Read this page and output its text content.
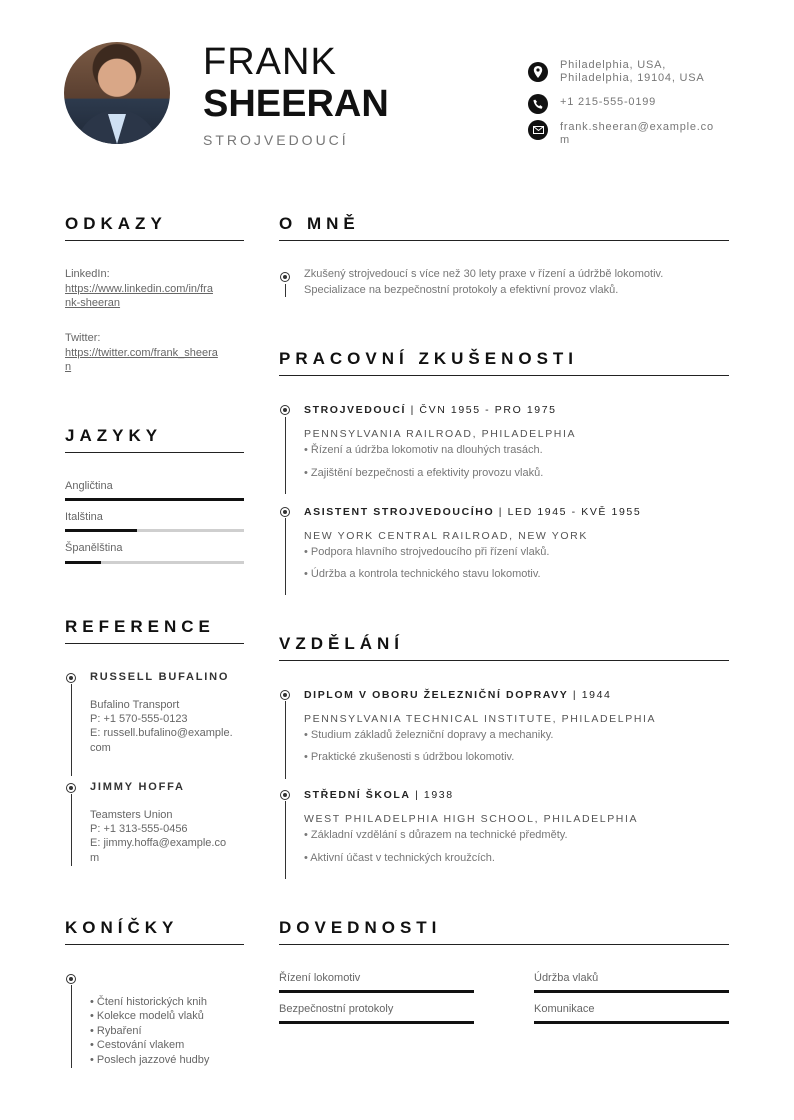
FRANK
SHEERAN
STROJVEDOUCÍ
Philadelphia, USA,
Philadelphia, 19104, USA
+1 215-555-0199
frank.sheeran@example.co
m
ODKAZY
LinkedIn:
https://www.linkedin.com/in/fra
nk-sheeran
Twitter:
https://twitter.com/frank_sheera
n
JAZYKY
Angličtina
Italština
Španělština
REFERENCE
RUSSELL BUFALINO
Bufalino Transport
P: +1 570-555-0123
E: russell.bufalino@example.
com
JIMMY HOFFA
Teamsters Union
P: +1 313-555-0456
E: jimmy.hoffa@example.co
m
KONÍČKY
• Čtení historických knih
• Kolekce modelů vlaků
• Rybaření
• Cestování vlakem
• Poslech jazzové hudby
O MNĚ
Zkušený strojvedoucí s více než 30 lety praxe v řízení a údržbě lokomotiv.
Specializace na bezpečnostní protokoly a efektivní provoz vlaků.
PRACOVNÍ ZKUŠENOSTI
STROJVEDOUCÍ | ČVN 1955 - PRO 1975
PENNSYLVANIA RAILROAD, PHILADELPHIA
• Řízení a údržba lokomotiv na dlouhých trasách.
• Zajištění bezpečnosti a efektivity provozu vlaků.
ASISTENT STROJVEDOUCÍHO | LED 1945 - KVĚ 1955
NEW YORK CENTRAL RAILROAD, NEW YORK
• Podpora hlavního strojvedoucího při řízení vlaků.
• Údržba a kontrola technického stavu lokomotiv.
VZDĚLÁNÍ
DIPLOM V OBORU ŽELEZNIČNÍ DOPRAVY | 1944
PENNSYLVANIA TECHNICAL INSTITUTE, PHILADELPHIA
• Studium základů železniční dopravy a mechaniky.
• Praktické zkušenosti s údržbou lokomotiv.
STŘEDNÍ ŠKOLA | 1938
WEST PHILADELPHIA HIGH SCHOOL, PHILADELPHIA
• Základní vzdělání s důrazem na technické předměty.
• Aktivní účast v technických kroužcích.
DOVEDNOSTI
Řízení lokomotiv	Údržba vlaků
Bezpečnostní protokoly	Komunikace
